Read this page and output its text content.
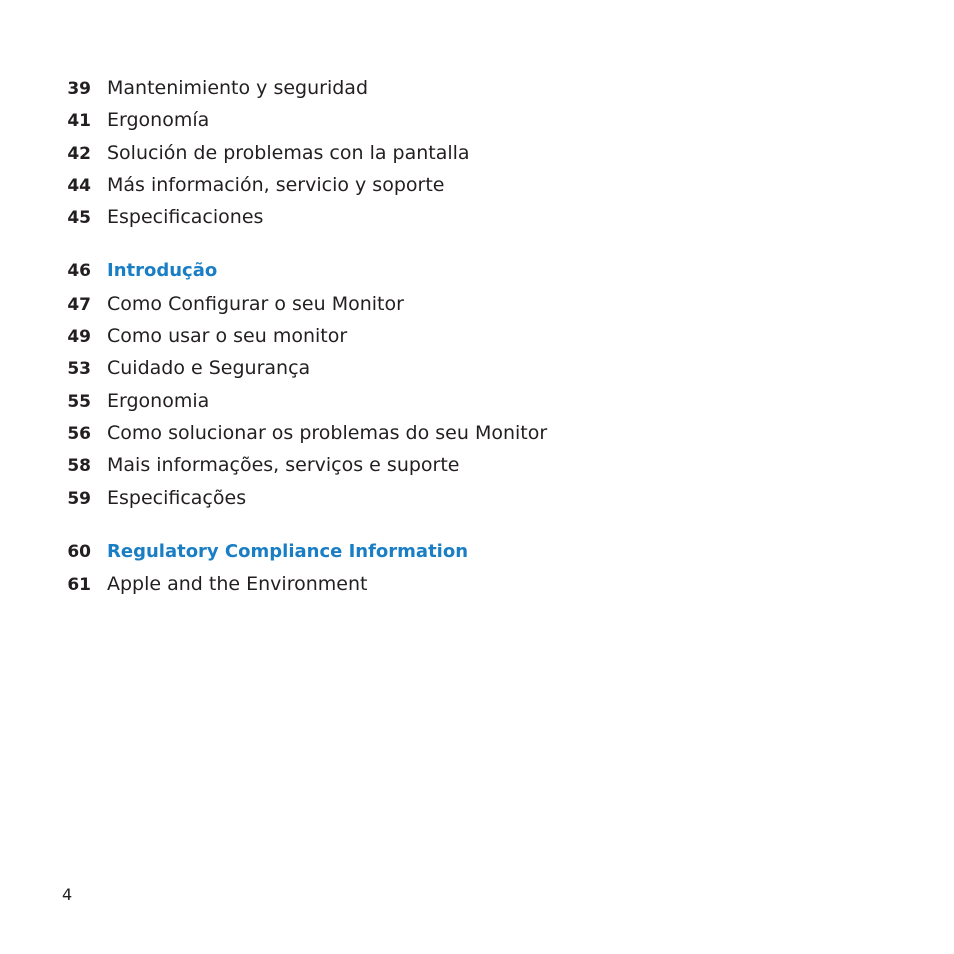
39 Mantenimiento y seguridad
41 Ergonomía
42 Solución de problemas con la pantalla
44 Más información, servicio y soporte
45 Especificaciones
46 Introdução
47 Como Configurar o seu Monitor
49 Como usar o seu monitor
53 Cuidado e Segurança
55 Ergonomia
56 Como solucionar os problemas do seu Monitor
58 Mais informações, serviços e suporte
59 Especificações
60 Regulatory Compliance Information
61 Apple and the Environment
4
